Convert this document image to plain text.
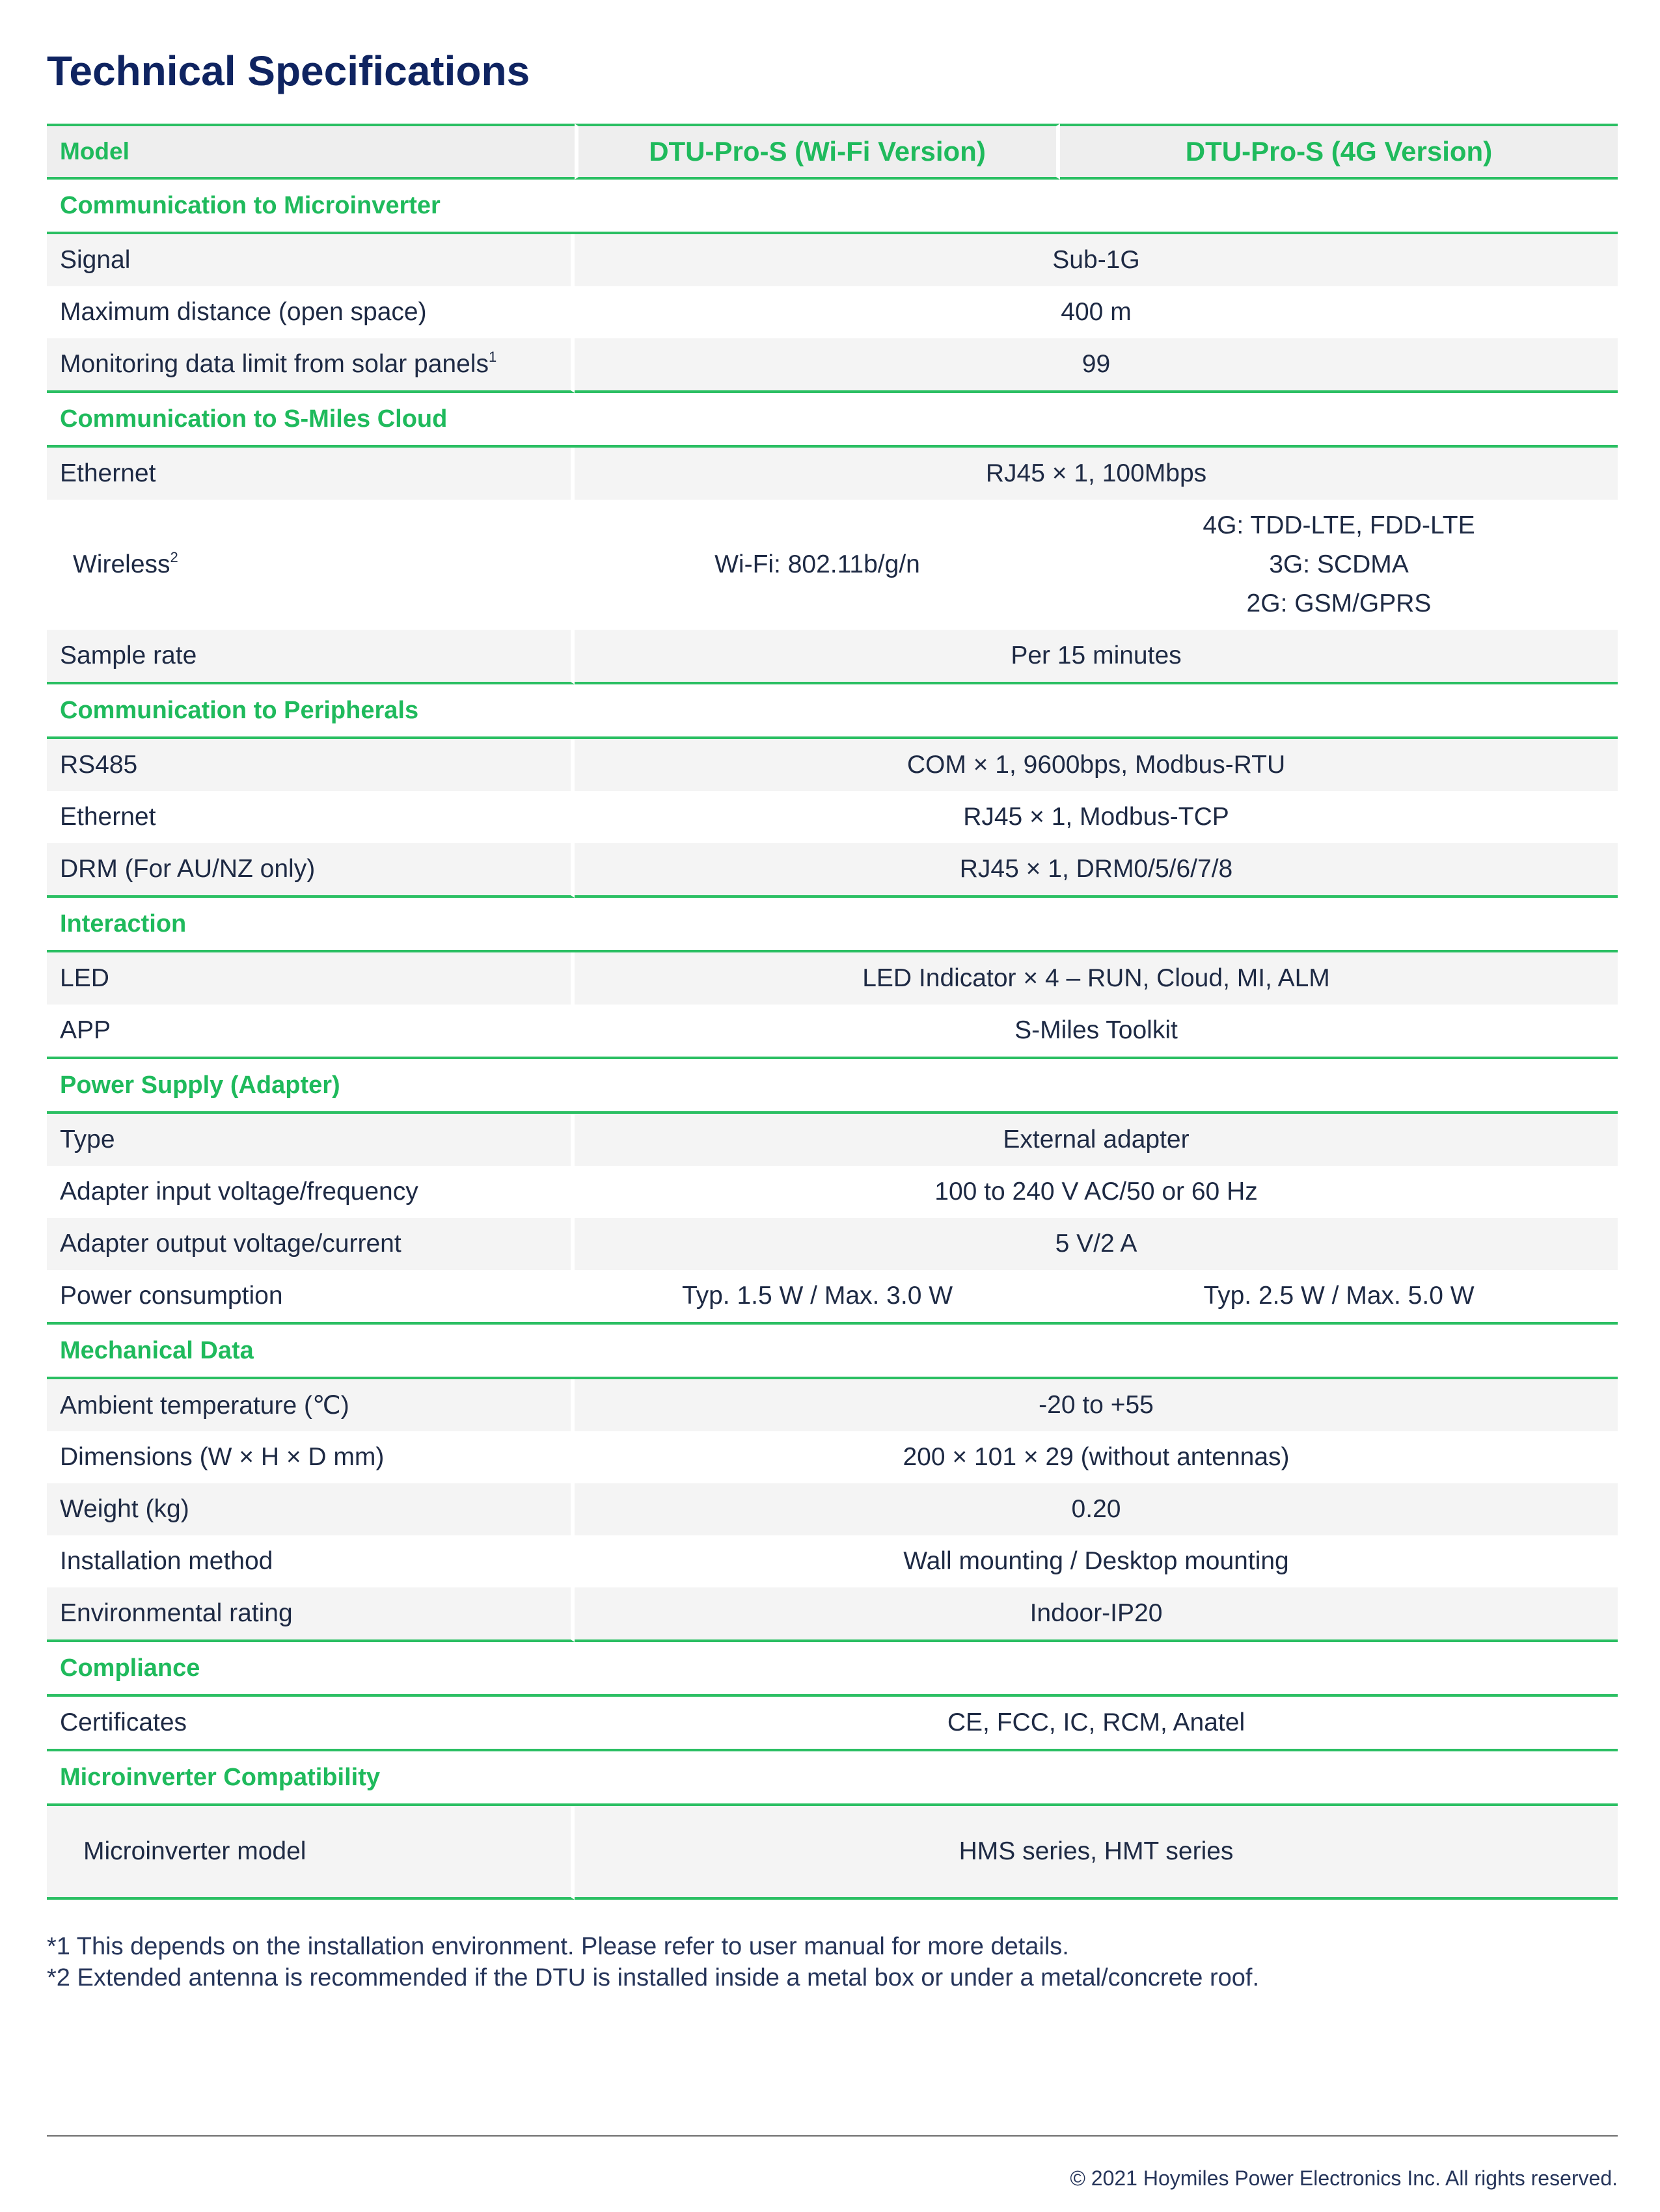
Technical Specifications
Model	DTU-Pro-S (Wi-Fi Version)	DTU-Pro-S (4G Version)
Communication to Microinverter		
Signal	Sub-1G	
Maximum distance (open space)	400 m	
Monitoring data limit from solar panels$^1$	99	
Communication to S-Miles Cloud		
Ethernet	RJ45 × 1, 100Mbps	
Wireless$^2$	Wi-Fi: 802.11b/g/n	4G: TDD-LTE, FDD-LTE
3G: SCDMA
2G: GSM/GPRS

Sample rate	Per 15 minutes	
Communication to Peripherals		
RS485	COM × 1, 9600bps, Modbus-RTU	
Ethernet	RJ45 × 1, Modbus-TCP	
DRM (For AU/NZ only)	RJ45 × 1, DRM0/5/6/7/8	
Interaction		
LED	LED Indicator × 4 – RUN, Cloud, MI, ALM	
APP	S-Miles Toolkit	
Power Supply (Adapter)		
Type	External adapter	
Adapter input voltage/frequency	100 to 240 V AC/50 or 60 Hz	
Adapter output voltage/current	5 V/2 A	
Power consumption	Typ. 1.5 W / Max. 3.0 W	Typ. 2.5 W / Max. 5.0 W
Mechanical Data		
Ambient temperature (℃)	-20 to +55	
Dimensions (W × H × D mm)	200 × 101 × 29 (without antennas)	
Weight (kg)	0.20	
Installation method	Wall mounting / Desktop mounting	
Environmental rating	Indoor-IP20	
Compliance		
Certificates	CE, FCC, IC, RCM, Anatel	
Microinverter Compatibility		
Microinverter model	HMS series, HMT series	
*1 This depends on the installation environment. Please refer to user manual for more details.
*2 Extended antenna is recommended if the DTU is installed inside a metal box or under a metal/concrete roof.
© 2021 Hoymiles Power Electronics Inc. All rights reserved.
